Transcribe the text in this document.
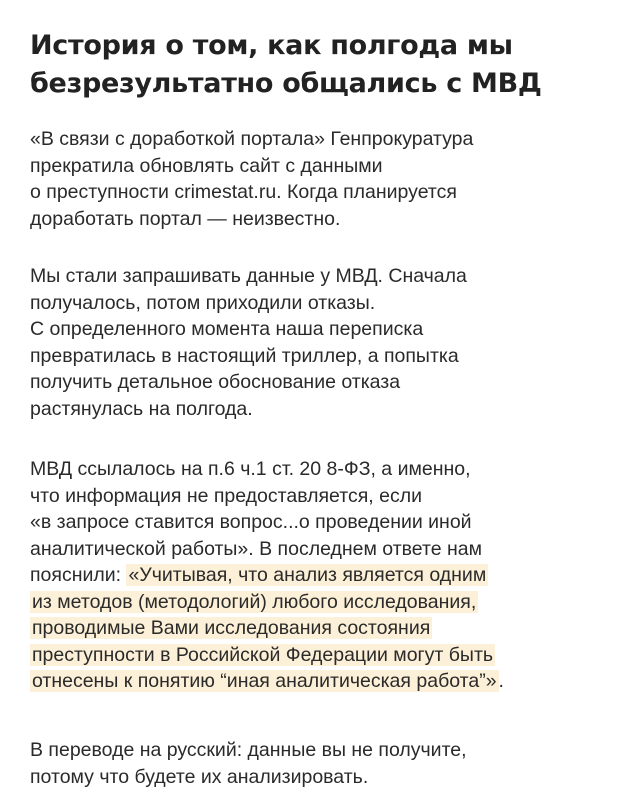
История о том, как полгода мы
безрезультатно общались с МВД

«В связи с доработкой портала» Генпрокуратура
прекратила обновлять сайт с данными
о преступности crimestat.ru. Когда планируется
доработать портал — неизвестно.

Мы стали запрашивать данные у МВД. Сначала
получалось, потом приходили отказы.
С определенного момента наша переписка
превратилась в настоящий триллер, а попытка
получить детальное обоснование отказа
растянулась на полгода.

МВД ссылалось на п.6 ч.1 ст. 20 8-ФЗ, а именно,
что информация не предоставляется, если
«в запросе ставится вопрос...о проведении иной
аналитической работы». В последнем ответе нам
пояснили: «Учитывая, что анализ является одним
из методов (методологий) любого исследования,
проводимые Вами исследования состояния
преступности в Российской Федерации могут быть
отнесены к понятию “иная аналитическая работа”» .

В переводе на русский: данные вы не получите,
потому что будете их анализировать.
